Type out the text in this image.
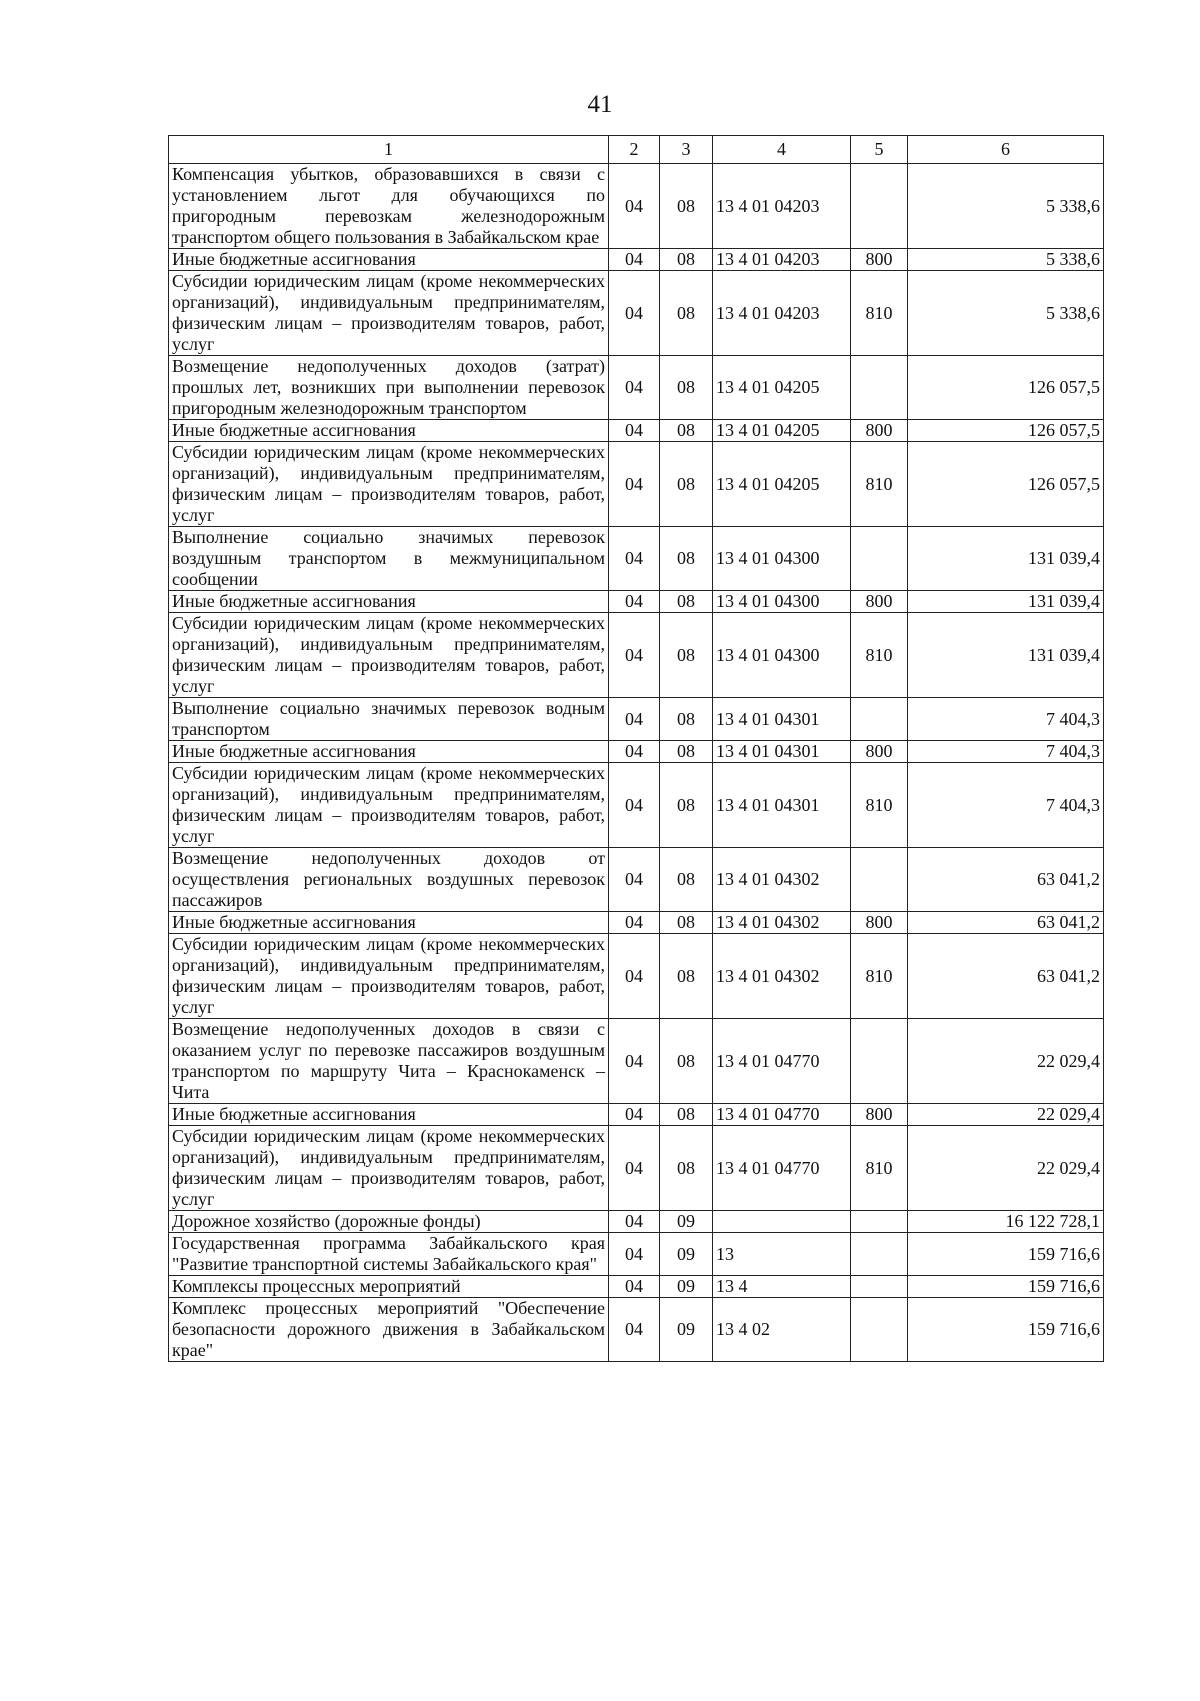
41
1	2	3	4	5	6
Компенсация убытков, образовавшихся в связи с установлением льгот для обучающихся по пригородным перевозкам железнодорожным транспортом общего пользования в Забайкальском крае	04	08	13 4 01 04203		5 338,6
Иные бюджетные ассигнования	04	08	13 4 01 04203	800	5 338,6
Субсидии юридическим лицам (кроме некоммерческих организаций), индивидуальным предпринимателям, физическим лицам – производителям товаров, работ, услуг	04	08	13 4 01 04203	810	5 338,6
Возмещение недополученных доходов (затрат) прошлых лет, возникших при выполнении перевозок пригородным железнодорожным транспортом	04	08	13 4 01 04205		126 057,5
Иные бюджетные ассигнования	04	08	13 4 01 04205	800	126 057,5
Субсидии юридическим лицам (кроме некоммерческих организаций), индивидуальным предпринимателям, физическим лицам – производителям товаров, работ, услуг	04	08	13 4 01 04205	810	126 057,5
Выполнение социально значимых перевозок воздушным транспортом в межмуниципальном сообщении	04	08	13 4 01 04300		131 039,4
Иные бюджетные ассигнования	04	08	13 4 01 04300	800	131 039,4
Субсидии юридическим лицам (кроме некоммерческих организаций), индивидуальным предпринимателям, физическим лицам – производителям товаров, работ, услуг	04	08	13 4 01 04300	810	131 039,4
Выполнение социально значимых перевозок водным транспортом	04	08	13 4 01 04301		7 404,3
Иные бюджетные ассигнования	04	08	13 4 01 04301	800	7 404,3
Субсидии юридическим лицам (кроме некоммерческих организаций), индивидуальным предпринимателям, физическим лицам – производителям товаров, работ, услуг	04	08	13 4 01 04301	810	7 404,3
Возмещение недополученных доходов от осуществления региональных воздушных перевозок пассажиров	04	08	13 4 01 04302		63 041,2
Иные бюджетные ассигнования	04	08	13 4 01 04302	800	63 041,2
Субсидии юридическим лицам (кроме некоммерческих организаций), индивидуальным предпринимателям, физическим лицам – производителям товаров, работ, услуг	04	08	13 4 01 04302	810	63 041,2
Возмещение недополученных доходов в связи с оказанием услуг по перевозке пассажиров воздушным транспортом по маршруту Чита – Краснокаменск – Чита	04	08	13 4 01 04770		22 029,4
Иные бюджетные ассигнования	04	08	13 4 01 04770	800	22 029,4
Субсидии юридическим лицам (кроме некоммерческих организаций), индивидуальным предпринимателям, физическим лицам – производителям товаров, работ, услуг	04	08	13 4 01 04770	810	22 029,4
Дорожное хозяйство (дорожные фонды)	04	09			16 122 728,1
Государственная программа Забайкальского края "Развитие транспортной системы Забайкальского края"	04	09	13		159 716,6
Комплексы процессных мероприятий	04	09	13 4		159 716,6
Комплекс процессных мероприятий "Обеспечение безопасности дорожного движения в Забайкальском крае"	04	09	13 4 02		159 716,6
